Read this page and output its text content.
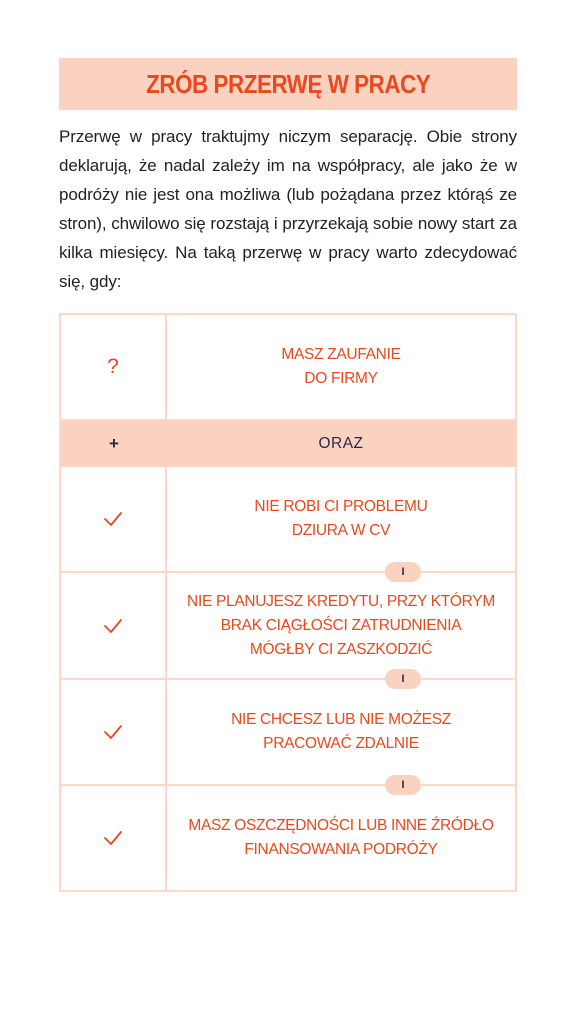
ZRÓB PRZERWĘ W PRACY

Przerwę w pracy traktujmy niczym separację. Obie strony deklarują, że nadal zależy im na współpracy, ale jako że w podróży nie jest ona możliwa (lub pożądana przez którąś ze stron), chwilowo się rozstają i przyrzekają sobie nowy start za kilka miesięcy. Na taką przerwę w pracy warto zdecydować się, gdy:

?
MASZ ZAUFANIE
DO FIRMY
+	ORAZ
NIE ROBI CI PROBLEMU
DZIURA W CV
NIE PLANUJESZ KREDYTU, PRZY KTÓRYM
BRAK CIĄGŁOŚCI ZATRUDNIENIA
MÓGŁBY CI ZASZKODZIĆ
NIE CHCESZ LUB NIE MOŻESZ
PRACOWAĆ ZDALNIE
MASZ OSZCZĘDNOŚCI LUB INNE ŹRÓDŁO
FINANSOWANIA PODRÓŻY
I
I
I
